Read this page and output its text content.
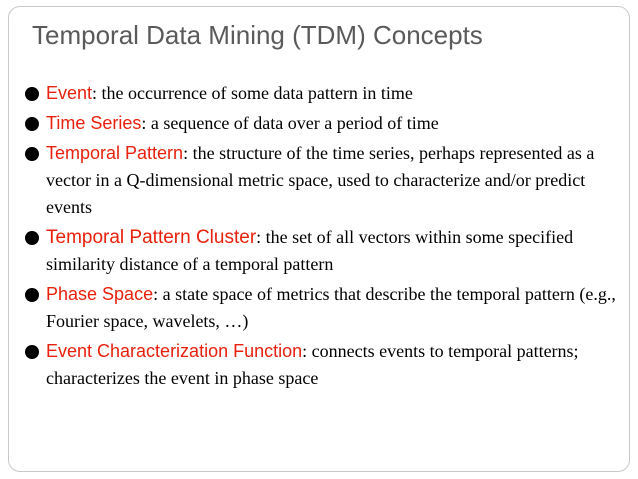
Temporal Data Mining (TDM) Concepts
Event: the occurrence of some data pattern in time
Time Series: a sequence of data over a period of time
Temporal Pattern: the structure of the time series, perhaps represented as a vector in a Q-dimensional metric space, used to characterize and/or predict events
Temporal Pattern Cluster: the set of all vectors within some specified similarity distance of a temporal pattern
Phase Space: a state space of metrics that describe the temporal pattern (e.g., Fourier space, wavelets, …)
Event Characterization Function: connects events to temporal patterns; characterizes the event in phase space
